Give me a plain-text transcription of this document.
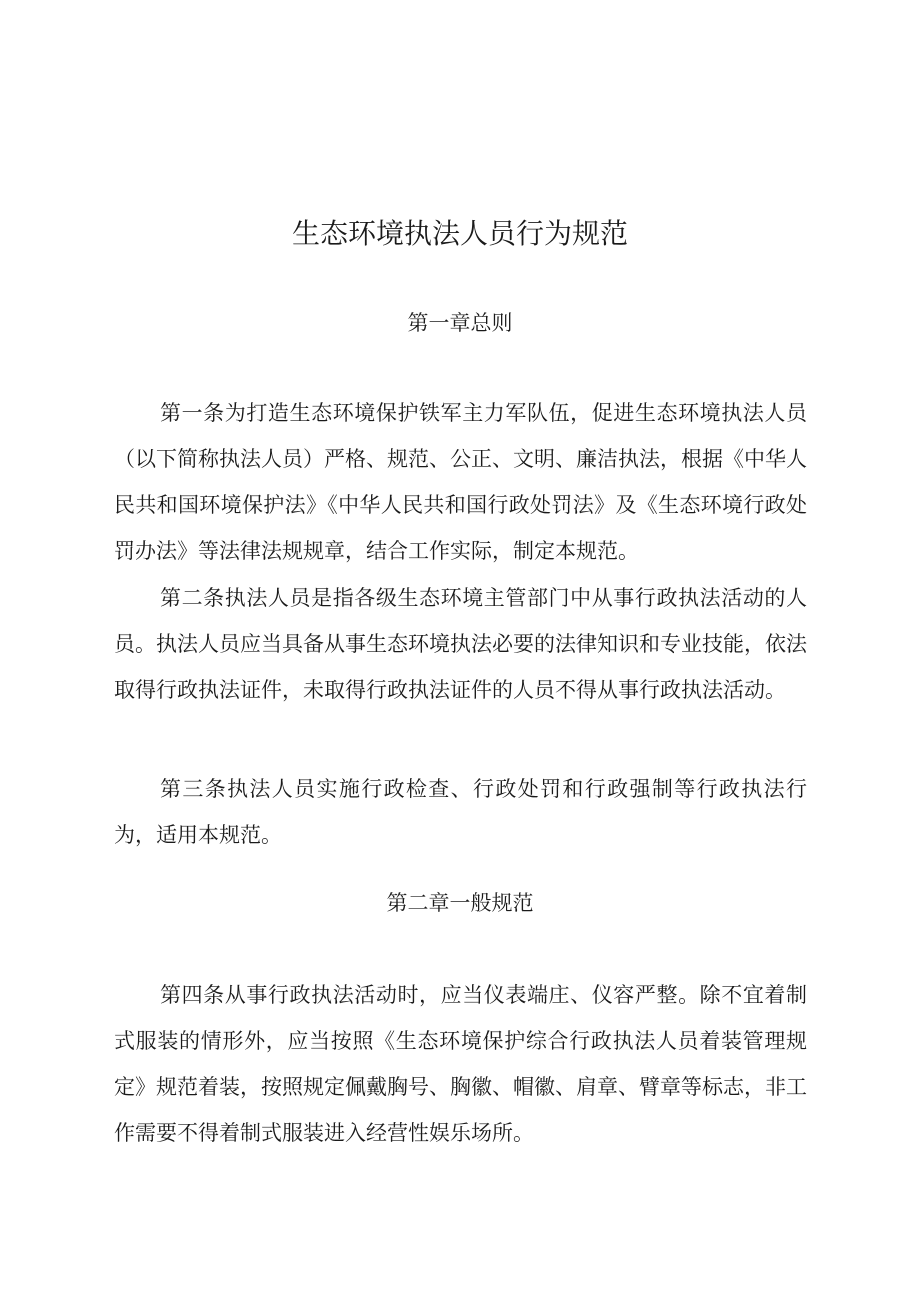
生态环境执法人员行为规范
第一章总则

第一条为打造生态环境保护铁军主力军队伍，促进生态环境执法人员（以下简称执法人员）严格、规范、公正、文明、廉洁执法，根据《中华人民共和国环境保护法》《中华人民共和国行政处罚法》及《生态环境行政处罚办法》等法律法规规章，结合工作实际，制定本规范。

第二条执法人员是指各级生态环境主管部门中从事行政执法活动的人员。执法人员应当具备从事生态环境执法必要的法律知识和专业技能，依法取得行政执法证件，未取得行政执法证件的人员不得从事行政执法活动。

第三条执法人员实施行政检查、行政处罚和行政强制等行政执法行为，适用本规范。

第二章一般规范

第四条从事行政执法活动时，应当仪表端庄、仪容严整。除不宜着制式服装的情形外，应当按照《生态环境保护综合行政执法人员着装管理规定》规范着装，按照规定佩戴胸号、胸徽、帽徽、肩章、臂章等标志，非工作需要不得着制式服装进入经营性娱乐场所。
